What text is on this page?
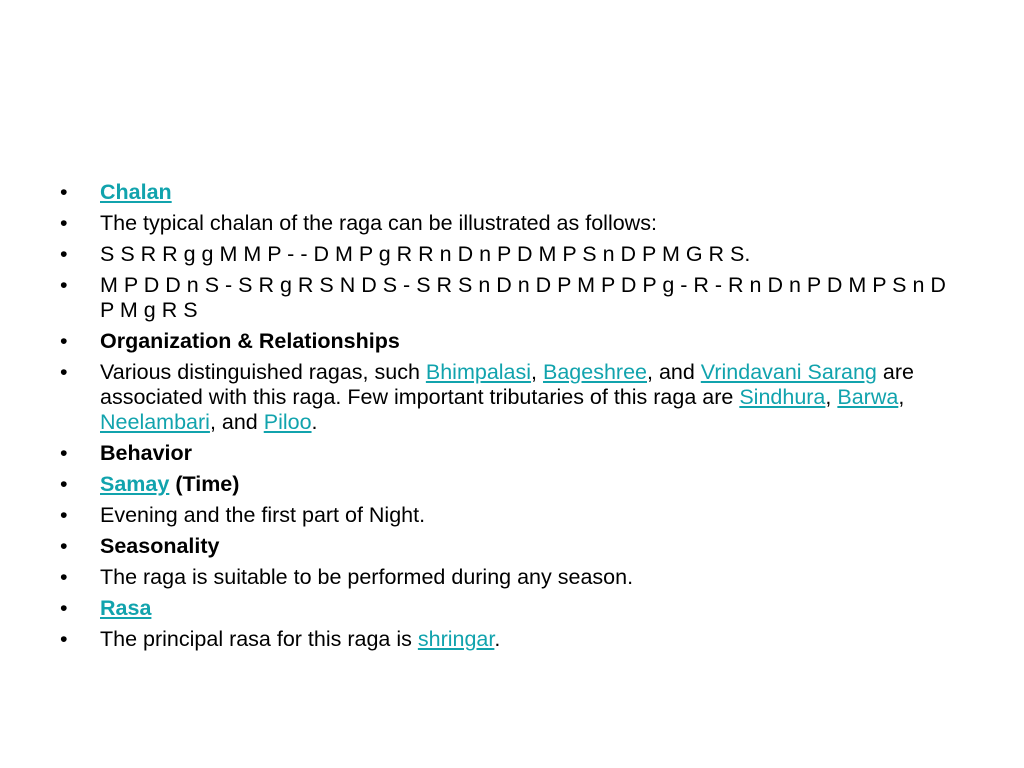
•	Chalan
•	The typical chalan of the raga can be illustrated as follows:
•	S S R R g g M M P - - D M P g R R n D n P D M P S n D P M G R S.
•	M P D D n S - S R g R S N D S - S R S n D n D P M P D P g - R - R n D n P D M P S n D P M g R S
•	Organization & Relationships
•	Various distinguished ragas, such Bhimpalasi, Bageshree, and Vrindavani Sarang are associated with this raga. Few important tributaries of this raga are Sindhura, Barwa, Neelambari, and Piloo.
•	Behavior
•	Samay (Time)
•	Evening and the first part of Night.
•	Seasonality
•	The raga is suitable to be performed during any season.
•	Rasa
•	The principal rasa for this raga is shringar.
